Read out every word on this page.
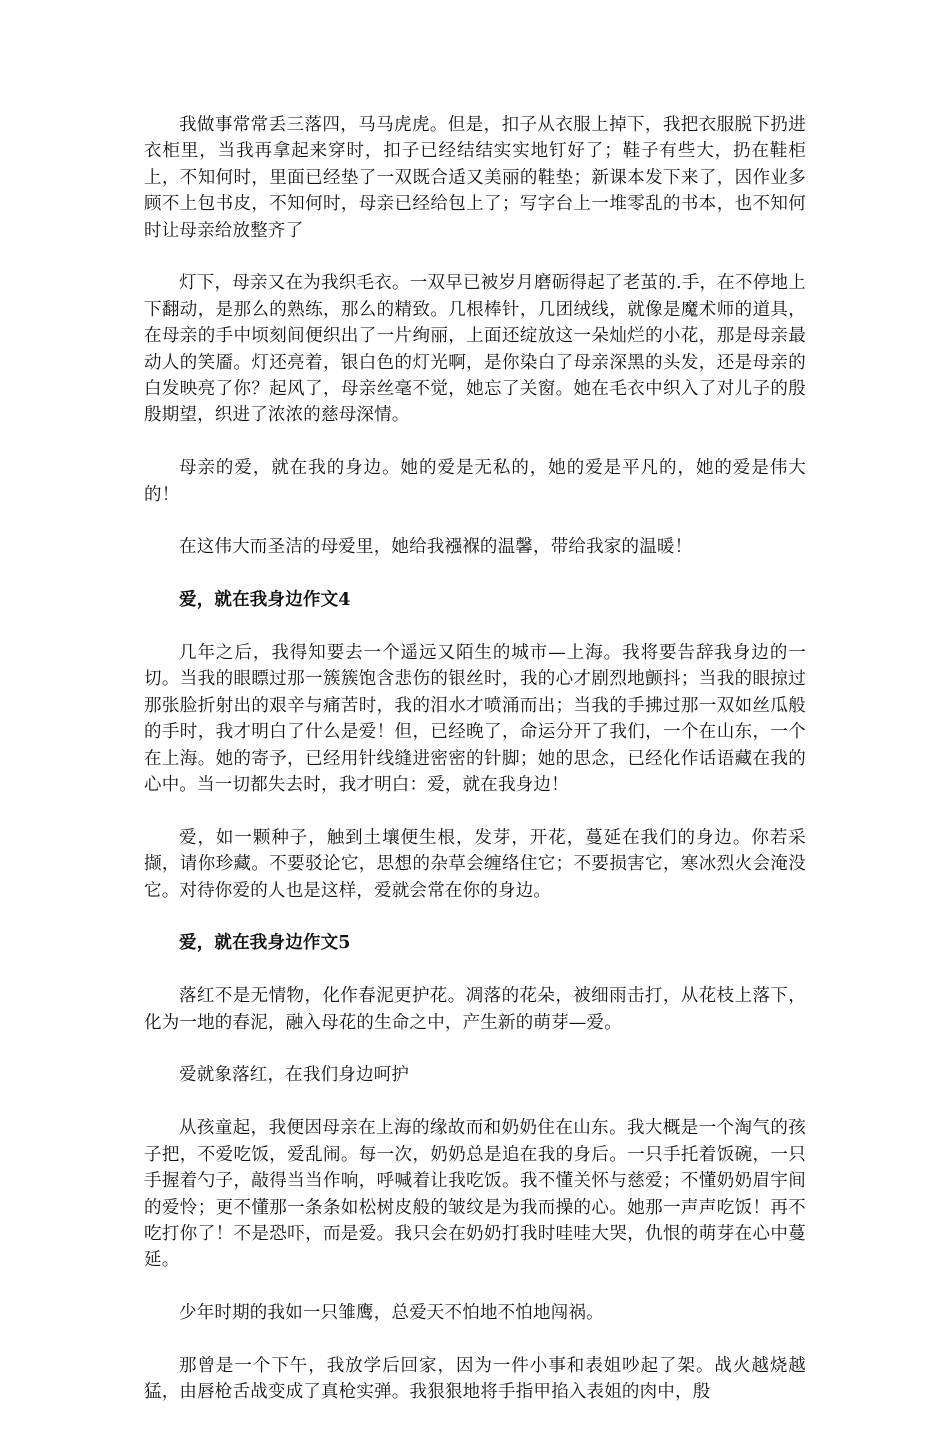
我做事常常丢三落四，马马虎虎。但是，扣子从衣服上掉下，我把衣服脱下扔进衣柜里，当我再拿起来穿时，扣子已经结结实实地钉好了；鞋子有些大，扔在鞋柜上，不知何时，里面已经垫了一双既合适又美丽的鞋垫；新课本发下来了，因作业多顾不上包书皮，不知何时，母亲已经给包上了；写字台上一堆零乱的书本，也不知何时让母亲给放整齐了

灯下，母亲又在为我织毛衣。一双早已被岁月磨砺得起了老茧的.手，在不停地上下翻动，是那么的熟练，那么的精致。几根棒针，几团绒线，就像是魔术师的道具，在母亲的手中顷刻间便织出了一片绚丽，上面还绽放这一朵灿烂的小花，那是母亲最动人的笑靥。灯还亮着，银白色的灯光啊，是你染白了母亲深黑的头发，还是母亲的白发映亮了你？起风了，母亲丝毫不觉，她忘了关窗。她在毛衣中织入了对儿子的殷殷期望，织进了浓浓的慈母深情。

母亲的爱，就在我的身边。她的爱是无私的，她的爱是平凡的，她的爱是伟大的！

在这伟大而圣洁的母爱里，她给我襁褓的温馨，带给我家的温暖！

爱，就在我身边作文4

几年之后，我得知要去一个遥远又陌生的城市—上海。我将要告辞我身边的一切。当我的眼瞟过那一簇簇饱含悲伤的银丝时，我的心才剧烈地颤抖；当我的眼掠过那张脸折射出的艰辛与痛苦时，我的泪水才喷涌而出；当我的手拂过那一双如丝瓜般的手时，我才明白了什么是爱！但，已经晚了，命运分开了我们，一个在山东，一个在上海。她的寄予，已经用针线缝进密密的针脚；她的思念，已经化作话语藏在我的心中。当一切都失去时，我才明白：爱，就在我身边！

爱，如一颗种子，触到土壤便生根，发芽，开花，蔓延在我们的身边。你若采撷，请你珍藏。不要驳论它，思想的杂草会缠络住它；不要损害它，寒冰烈火会淹没它。对待你爱的人也是这样，爱就会常在你的身边。

爱，就在我身边作文5

落红不是无情物，化作春泥更护花。凋落的花朵，被细雨击打，从花枝上落下，化为一地的春泥，融入母花的生命之中，产生新的萌芽—爱。

爱就象落红，在我们身边呵护

从孩童起，我便因母亲在上海的缘故而和奶奶住在山东。我大概是一个淘气的孩子把，不爱吃饭，爱乱闹。每一次，奶奶总是追在我的身后。一只手托着饭碗，一只手握着勺子，敲得当当作响，呼喊着让我吃饭。我不懂关怀与慈爱；不懂奶奶眉宇间的爱怜；更不懂那一条条如松树皮般的皱纹是为我而操的心。她那一声声吃饭！再不吃打你了！不是恐吓，而是爱。我只会在奶奶打我时哇哇大哭，仇恨的萌芽在心中蔓延。

少年时期的我如一只雏鹰，总爱天不怕地不怕地闯祸。

那曾是一个下午，我放学后回家，因为一件小事和表姐吵起了架。战火越烧越猛，由唇枪舌战变成了真枪实弹。我狠狠地将手指甲掐入表姐的肉中，殷
